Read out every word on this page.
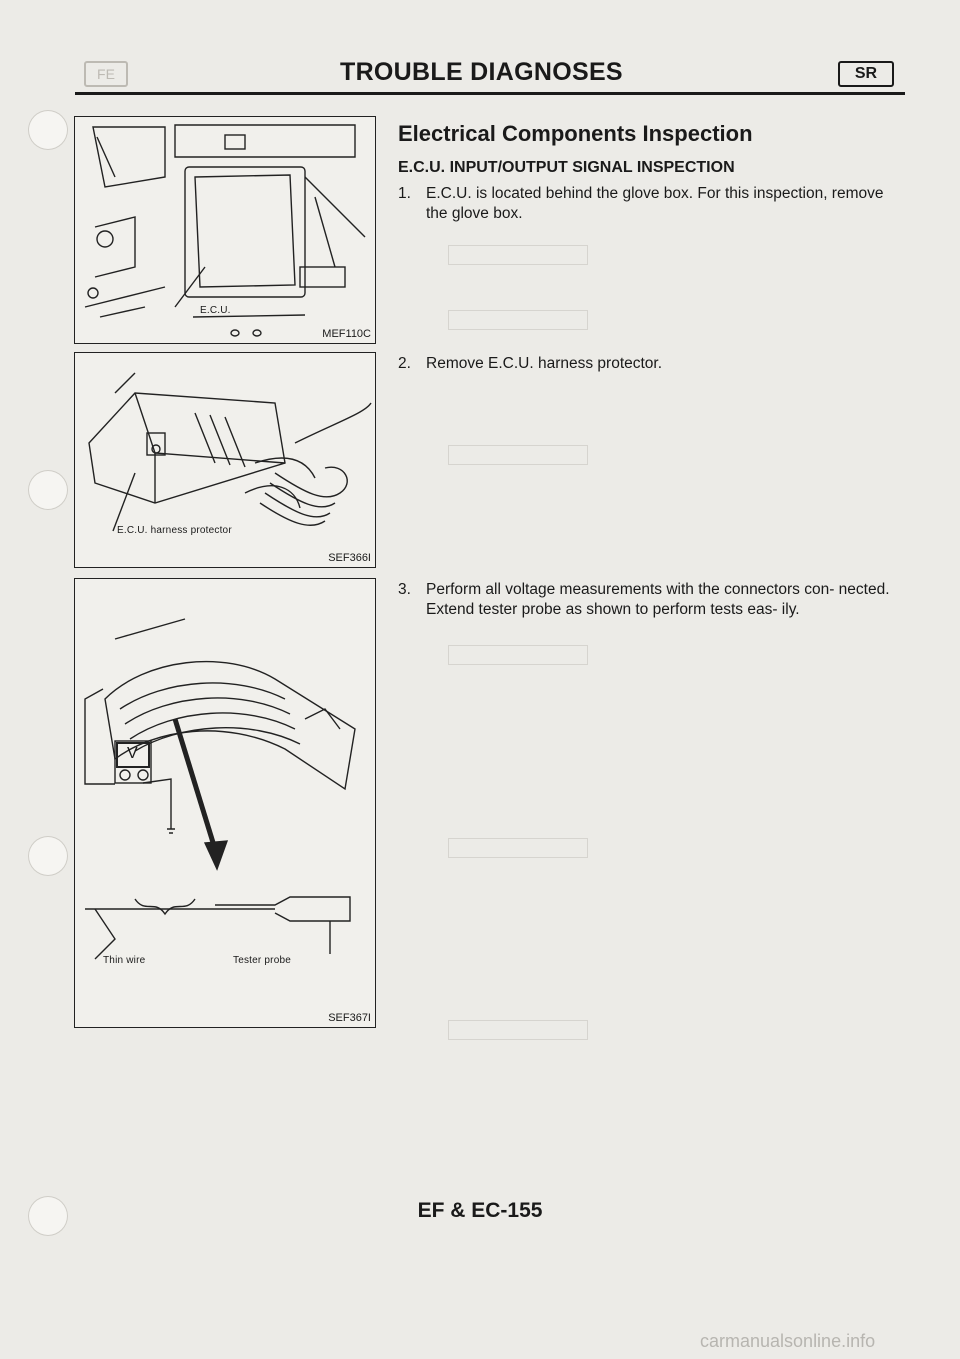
FE	TROUBLE DIAGNOSES	SR
E.C.U.
MEF110C
E.C.U. harness protector
SEF366I
V
Thin wire	Tester probe
SEF367I
Electrical Components Inspection
E.C.U. INPUT/OUTPUT SIGNAL INSPECTION
1. E.C.U. is located behind the glove box. For this inspection, remove the glove box.
2. Remove E.C.U. harness protector.
3. Perform all voltage measurements with the connectors con- nected. Extend tester probe as shown to perform tests eas- ily.
EF & EC-155
carmanualsonline.info
